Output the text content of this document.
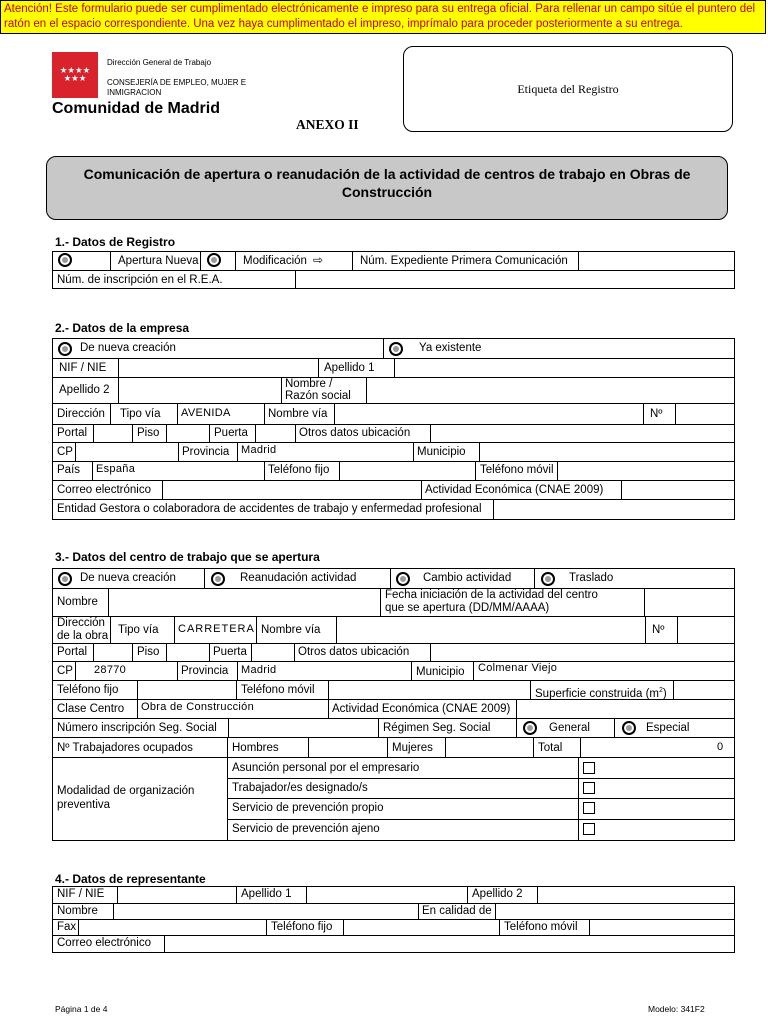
Atención! Este formulario puede ser cumplimentado electrónicamente e impreso para su entrega oficial. Para rellenar un campo sitúe el puntero del ratón en el espacio correspondiente. Una vez haya cumplimentado el impreso, imprímalo para proceder posteriormente a su entrega.
★★★★
★★★
Dirección General de Trabajo
CONSEJERÍA DE EMPLEO, MUJER E INMIGRACION
Comunidad de Madrid
Etiqueta del Registro
ANEXO II
Comunicación de apertura o reanudación de la actividad de centros de trabajo en Obras de Construcción
1.- Datos de Registro
Apertura Nueva	Modificación ⇨	Núm. Expediente Primera Comunicación
Núm. de inscripción en el R.E.A.
2.- Datos de la empresa
De nueva creación	Ya existente
NIF / NIE	Apellido 1
Apellido 2	Nombre /
Razón social
Dirección Tipo vía AVENIDA	Nombre vía	Nº
Portal	Piso	Puerta	Otros datos ubicación
CP	Provincia Madrid	Municipio
País España	Teléfono fijo	Teléfono móvil
Correo electrónico	Actividad Económica (CNAE 2009)
Entidad Gestora o colaboradora de accidentes de trabajo y enfermedad profesional
3.- Datos del centro de trabajo que se apertura
De nueva creación	Reanudación actividad	Cambio actividad	Traslado
Nombre
Fecha iniciación de la actividad del centro
que se apertura (DD/MM/AAAA)
Dirección
de la obra Tipo vía CARRETERA Nombre vía	Nº
Portal	Piso	Puerta	Otros datos ubicación
CP 28770	Provincia Madrid	Municipio Colmenar Viejo
Teléfono fijo	Teléfono móvil	Superficie construida $(m^2)$
Clase Centro Obra de Construcción	Actividad Económica (CNAE 2009)
Número inscripción Seg. Social	Régimen Seg. Social	General	Especial
Nº Trabajadores ocupados	Hombres	Mujeres	Total	0
Modalidad de organización
preventiva
Asunción personal por el empresario
Trabajador/es designado/s
Servicio de prevención propio
Servicio de prevención ajeno
4.- Datos de representante
NIF / NIE	Apellido 1	Apellido 2
Nombre	En calidad de
Fax	Teléfono fijo	Teléfono móvil
Correo electrónico
Página 1 de 4	Modelo: 341F2
